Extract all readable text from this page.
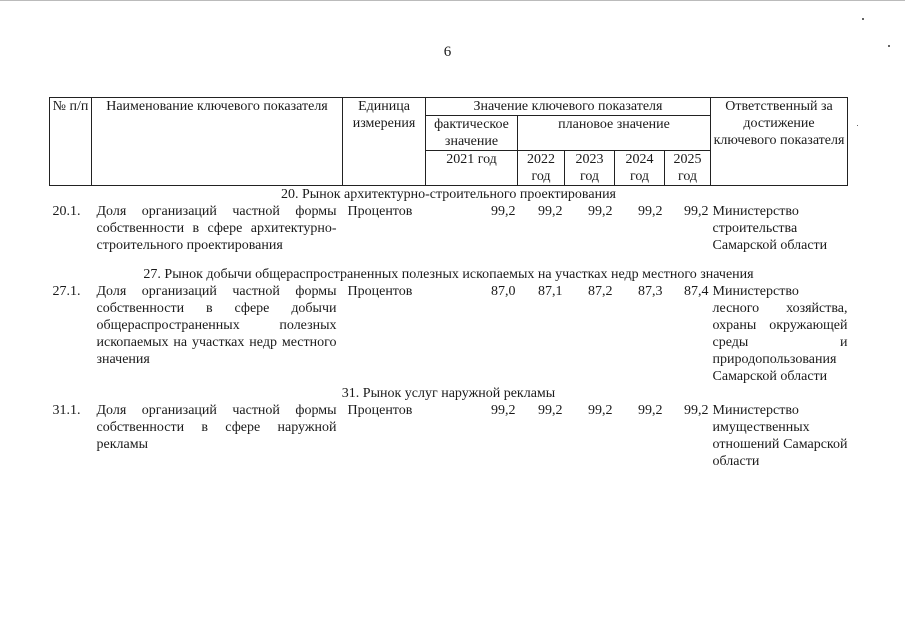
6
№ п/п	Наименование ключевого показателя	Единица измерения	Значение ключевого показателя					Ответственный за достижение ключевого показателя
			фактическое значение	плановое значение				
			2021 год	2022 год	2023 год	2024 год	2025 год	
20. Рынок архитектурно-строительного проектирования								
20.1.	Доля организаций частной формы собственности в сфере архитектурно-строительного проектирования	Процентов	99,2	99,2	99,2	99,2	99,2	Министерство строительства Самарской области
27. Рынок добычи общераспространенных полезных ископаемых на участках недр местного значения								
27.1.	Доля организаций частной формы собственности в сфере добычи общераспространенных полезных ископаемых на участках недр местного значения	Процентов	87,0	87,1	87,2	87,3	87,4	Министерство лесного хозяйства, охраны окружающей среды и природопользования Самарской области
31. Рынок услуг наружной рекламы								
31.1.	Доля организаций частной формы собственности в сфере наружной рекламы	Процентов	99,2	99,2	99,2	99,2	99,2	Министерство имущественных отношений Самарской области
